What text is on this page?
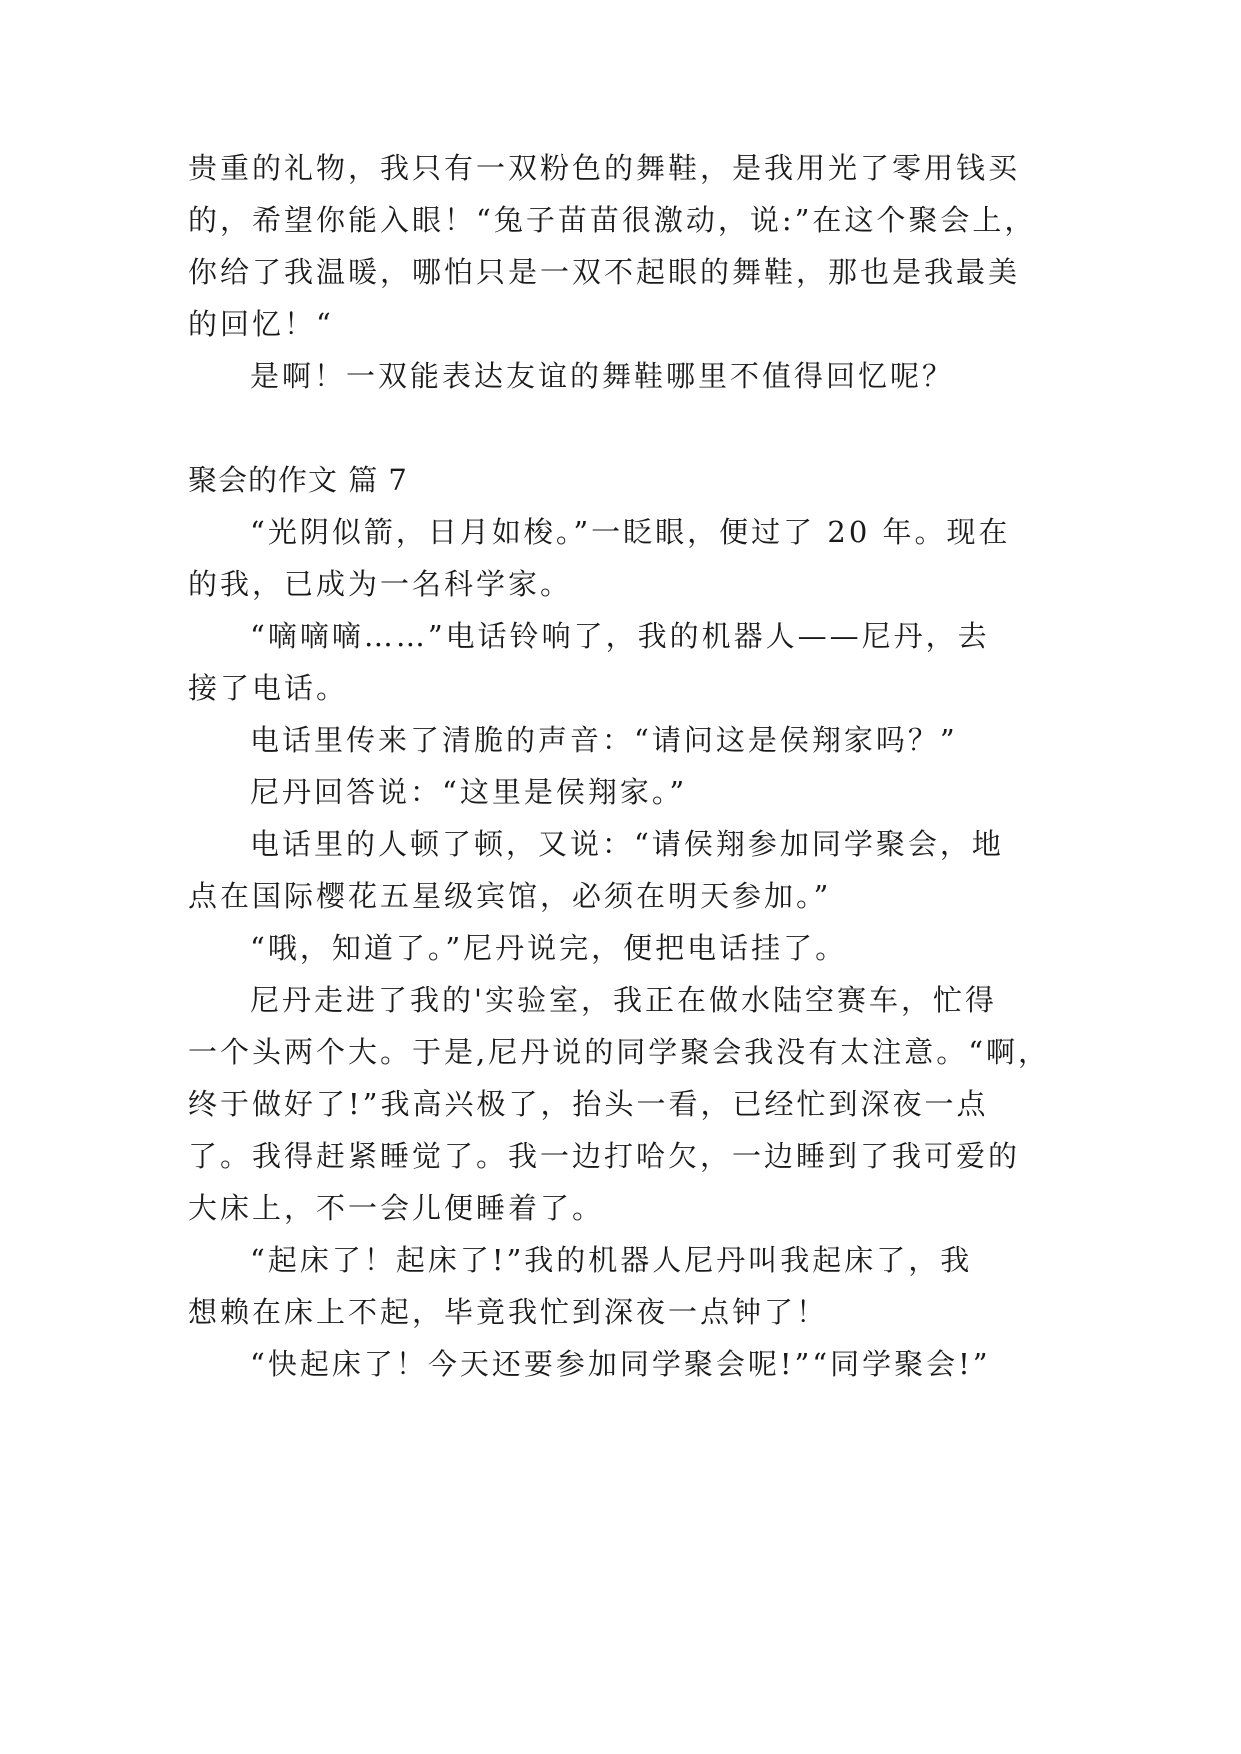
贵重的礼物，我只有一双粉色的舞鞋，是我用光了零用钱买
的，希望你能入眼！“兔子苗苗很激动，说:”在这个聚会上，
你给了我温暖，哪怕只是一双不起眼的舞鞋，那也是我最美
的回忆！“
是啊！一双能表达友谊的舞鞋哪里不值得回忆呢？
聚会的作文 篇 7
“光阴似箭，日月如梭。”一眨眼，便过了 20 年。现在
的我，已成为一名科学家。
“嘀嘀嘀……”电话铃响了，我的机器人——尼丹，去
接了电话。
电话里传来了清脆的声音：“请问这是侯翔家吗？”
尼丹回答说：“这里是侯翔家。”
电话里的人顿了顿，又说：“请侯翔参加同学聚会，地
点在国际樱花五星级宾馆，必须在明天参加。”
“哦，知道了。”尼丹说完，便把电话挂了。
尼丹走进了我的'实验室，我正在做水陆空赛车，忙得
一个头两个大。于是,尼丹说的同学聚会我没有太注意。“啊，
终于做好了!”我高兴极了，抬头一看，已经忙到深夜一点
了。我得赶紧睡觉了。我一边打哈欠，一边睡到了我可爱的
大床上，不一会儿便睡着了。
“起床了！起床了!”我的机器人尼丹叫我起床了，我
想赖在床上不起，毕竟我忙到深夜一点钟了！
“快起床了！今天还要参加同学聚会呢!”“同学聚会!”
